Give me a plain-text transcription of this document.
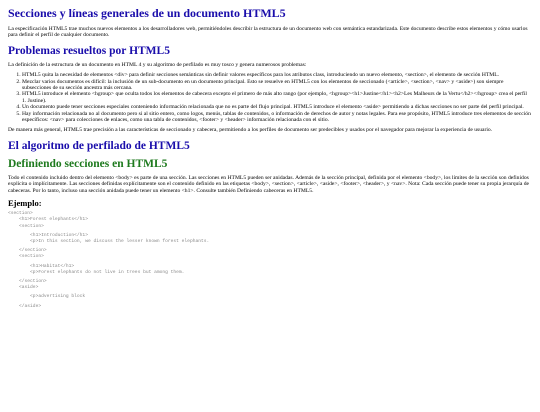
Secciones y líneas generales de un documento HTML5

La especificación HTML5 trae muchos nuevos elementos a los desarrolladores web, permitiéndoles describir la estructura de un documento web con semántica estandarizada. Este documento describe estos elementos y cómo usarlos para definir el perfil de cualquier documento.

Problemas resueltos por HTML5

La definición de la estructura de un documento en HTML 4 y su algoritmo de perfilado es muy tosco y genera numerosos problemas:

1. HTML5 quita la necesidad de elementos <div> para definir secciones semánticas sin definir valores específicos para los atributos class, introduciendo un nuevo elemento, <section>, el elemento de sección HTML.
2. Mezclar varios documentos es difícil: la inclusión de un sub-documento en un documento principal. Esto se resuelve en HTML5 con los elementos de seccionado (<article>, <section>, <nav> y <aside>) son siempre subsecciones de su sección ancestra más cercana.
3. HTML5 introduce el elemento <hgroup> que oculta todos los elementos de cabecera excepto el primero de más alto rango (por ejemplo, <hgroup><h1>Justine</h1><h2>Les Malheurs de la Vertu</h2></hgroup> crea el perfil 1. Justine).
4. Un documento puede tener secciones especiales conteniendo información relacionada que no es parte del flujo principal. HTML5 introduce el elemento <aside> permitiendo a dichas secciones no ser parte del perfil principal.
5. Hay información relacionada no al documento pero si al sitio entero, como logos, menús, tablas de contenidos, o información de derechos de autor y notas legales. Para ese propósito, HTML5 introduce tres elementos de sección específicos: <nav> para colecciones de enlaces, como una tabla de contenidos, <footer> y <header> información relacionada con el sitio.

De manera más general, HTML5 trae precisión a las características de seccionado y cabecera, permitiendo a los perfiles de documento ser predecibles y usados por el navegador para mejorar la experiencia de usuario.

El algoritmo de perfilado de HTML5
Definiendo secciones en HTML5

Todo el contenido incluido dentro del elemento <body> es parte de una sección. Las secciones en HTML5 pueden ser anidadas. Además de la sección principal, definida por el elemento <body>, los límites de la sección son definidos explícita o implícitamente. Las secciones definidas explícitamente son el contenido definido en las etiquetas <body>, <section>, <article>, <aside>, <footer>, <header>, y <nav>. Nota: Cada sección puede tener su propia jerarquía de cabeceras. Por lo tanto, incluso una sección anidada puede tener un elemento <h1>. Consulte también Definiendo cabeceras en HTML5.

Ejemplo:
<section>
<h1>Forest elephants</h1>
<section>
<h1>Introduction</h1>
<p>In this section, we discuss the lesser known forest elephants.
</section>
<section>
<h1>Habitat</h1>
<p>Forest elephants do not live in trees but among them.
</section>
<aside>
<p>advertising block
</aside>
